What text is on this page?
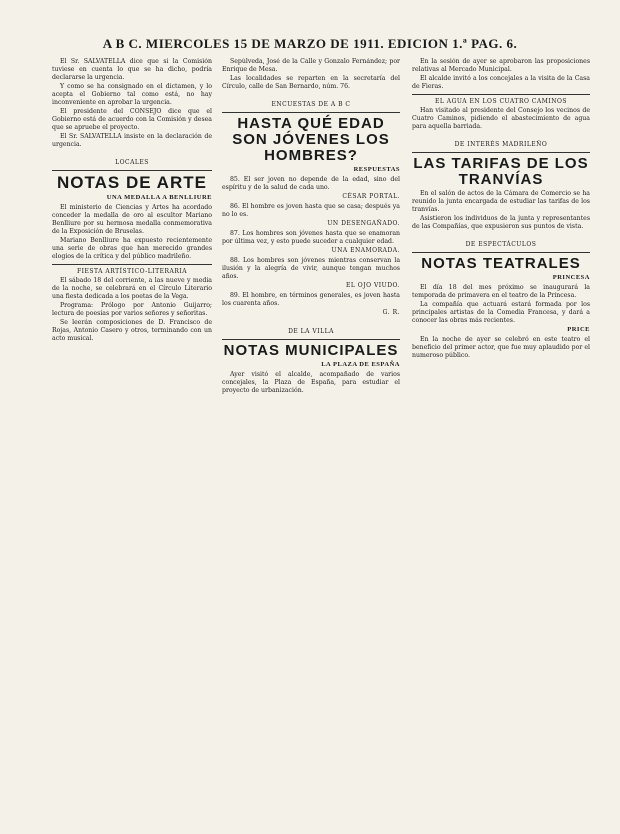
A B C. MIERCOLES 15 DE MARZO DE 1911. EDICION 1.ª PAG. 6.

El Sr. SALVATELLA dice que si la Comisión tuviese en cuenta lo que se ha dicho, podría declararse la urgencia.

Y como se ha consignado en el dictamen, y lo acepta el Gobierno tal como está, no hay inconveniente en aprobar la urgencia.

El presidente del CONSEJO dice que el Gobierno está de acuerdo con la Comisión y desea que se apruebe el proyecto.

El Sr. SALVATELLA insiste en la declaración de urgencia.

LOCALES
NOTAS DE ARTE
UNA MEDALLA A BENLLIURE

El ministerio de Ciencias y Artes ha acordado conceder la medalla de oro al escultor Mariano Benlliure por su hermosa medalla conmemorativa de la Exposición de Bruselas.

Mariano Benlliure ha expuesto recientemente una serie de obras que han merecido grandes elogios de la crítica y del público madrileño.

FIESTA ARTÍSTICO-LITERARIA

El sábado 18 del corriente, a las nueve y media de la noche, se celebrará en el Círculo Literario una fiesta dedicada a los poetas de la Vega.

Programa: Prólogo por Antonio Guijarro; lectura de poesías por varios señores y señoritas.

Se leerán composiciones de D. Francisco de Rojas, Antonio Casero y otros, terminando con un acto musical.

Sepúlveda, José de la Calle y Gonzalo Fernández; por Enrique de Mesa.

Las localidades se reparten en la secretaría del Círculo, calle de San Bernardo, núm. 76.

ENCUESTAS DE A B C
HASTA QUÉ EDAD SON JÓVENES LOS HOMBRES?
RESPUESTAS

85. El ser joven no depende de la edad, sino del espíritu y de la salud de cada uno.

CÉSAR PORTAL.

86. El hombre es joven hasta que se casa; después ya no lo es.

UN DESENGAÑADO.

87. Los hombres son jóvenes hasta que se enamoran por última vez, y esto puede suceder a cualquier edad.

UNA ENAMORADA.

88. Los hombres son jóvenes mientras conservan la ilusión y la alegría de vivir, aunque tengan muchos años.

EL OJO VIUDO.

89. El hombre, en términos generales, es joven hasta los cuarenta años.

G. R.
DE LA VILLA
NOTAS MUNICIPALES
LA PLAZA DE ESPAÑA

Ayer visitó el alcalde, acompañado de varios concejales, la Plaza de España, para estudiar el proyecto de urbanización.

En la sesión de ayer se aprobaron las proposiciones relativas al Mercado Municipal.

El alcalde invitó a los concejales a la visita de la Casa de Fieras.

EL AGUA EN LOS CUATRO CAMINOS

Han visitado al presidente del Consejo los vecinos de Cuatro Caminos, pidiendo el abastecimiento de agua para aquella barriada.

DE INTERÉS MADRILEÑO
LAS TARIFAS DE LOS TRANVÍAS

En el salón de actos de la Cámara de Comercio se ha reunido la junta encargada de estudiar las tarifas de los tranvías.

Asistieron los individuos de la junta y representantes de las Compañías, que expusieron sus puntos de vista.

DE ESPECTÁCULOS
NOTAS TEATRALES
PRINCESA

El día 18 del mes próximo se inaugurará la temporada de primavera en el teatro de la Princesa.

La compañía que actuará estará formada por los principales artistas de la Comedia Francesa, y dará a conocer las obras más recientes.

PRICE

En la noche de ayer se celebró en este teatro el beneficio del primer actor, que fue muy aplaudido por el numeroso público.
